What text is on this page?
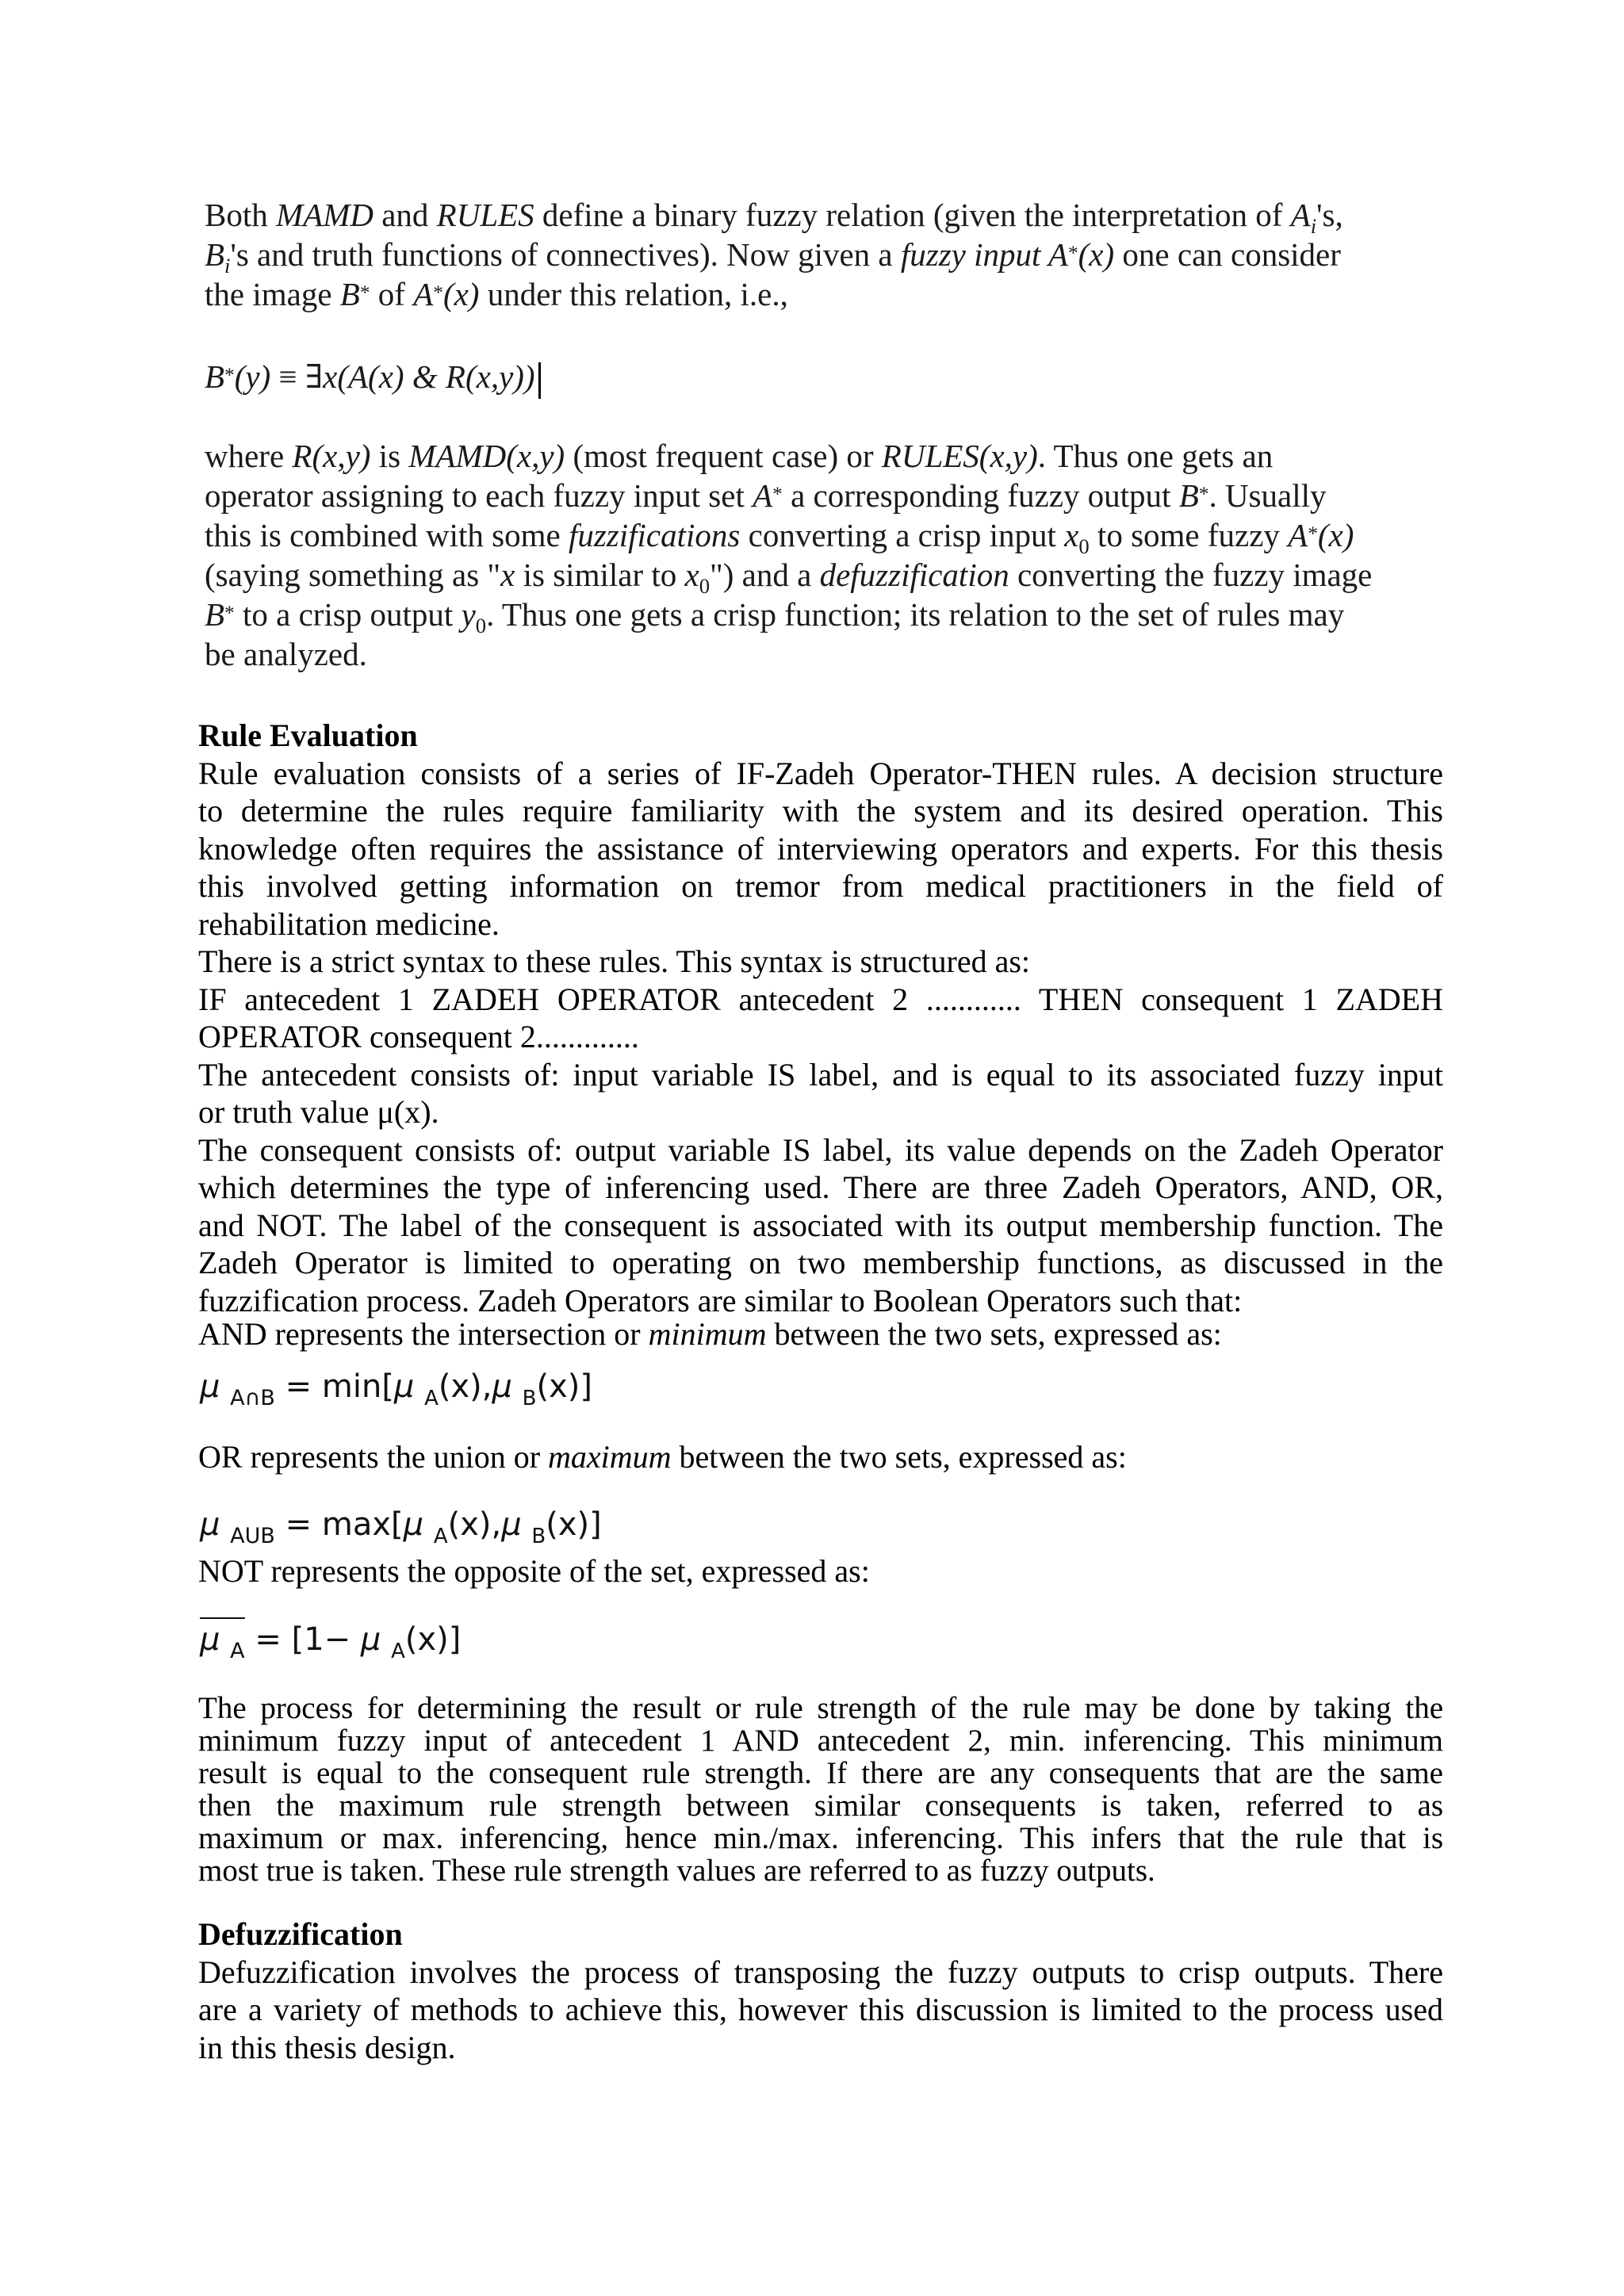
Both MAMD and RULES define a binary fuzzy relation (given the interpretation of $A_i's$,
$B_i's$ and truth functions of connectives). Now given a fuzzy input A*(x) one can consider
the image B* of A*(x) under this relation, i.e.,
B*(y) ≡ ∃x(A(x) & R(x,y))
where R(x,y) is MAMD(x,y) (most frequent case) or RULES(x,y). Thus one gets an
operator assigning to each fuzzy input set A* a corresponding fuzzy output B*. Usually
this is combined with some fuzzifications converting a crisp input $x_0$ to some fuzzy A*(x)
(saying something as "x is similar to $x_0$") and a defuzzification converting the fuzzy image
B* to a crisp output $y_0$. Thus one gets a crisp function; its relation to the set of rules may
be analyzed.
Rule Evaluation
Rule evaluation consists of a series of IF-Zadeh Operator-THEN rules. A decision structure
to determine the rules require familiarity with the system and its desired operation. This
knowledge often requires the assistance of interviewing operators and experts. For this thesis
this involved getting information on tremor from medical practitioners in the field of
rehabilitation medicine.
There is a strict syntax to these rules. This syntax is structured as:
IF antecedent 1 ZADEH OPERATOR antecedent 2 ............ THEN consequent 1 ZADEH
OPERATOR consequent 2.............
The antecedent consists of: input variable IS label, and is equal to its associated fuzzy input
or truth value μ(x).
The consequent consists of: output variable IS label, its value depends on the Zadeh Operator
which determines the type of inferencing used. There are three Zadeh Operators, AND, OR,
and NOT. The label of the consequent is associated with its output membership function. The
Zadeh Operator is limited to operating on two membership functions, as discussed in the
fuzzification process. Zadeh Operators are similar to Boolean Operators such that:
AND represents the intersection or minimum between the two sets, expressed as:
μ $_{A\cap B}$ = min[μ $_A$(x),μ $_B$(x)]
OR represents the union or maximum between the two sets, expressed as:
μ $_{AUB}$ = max[μ $_A$(x),μ $_B$(x)]
NOT represents the opposite of the set, expressed as:
μ $_A$ = [1− μ $_A$(x)]
The process for determining the result or rule strength of the rule may be done by taking the
minimum fuzzy input of antecedent 1 AND antecedent 2, min. inferencing. This minimum
result is equal to the consequent rule strength. If there are any consequents that are the same
then the maximum rule strength between similar consequents is taken, referred to as
maximum or max. inferencing, hence min./max. inferencing. This infers that the rule that is
most true is taken. These rule strength values are referred to as fuzzy outputs.
Defuzzification
Defuzzification involves the process of transposing the fuzzy outputs to crisp outputs. There
are a variety of methods to achieve this, however this discussion is limited to the process used
in this thesis design.
